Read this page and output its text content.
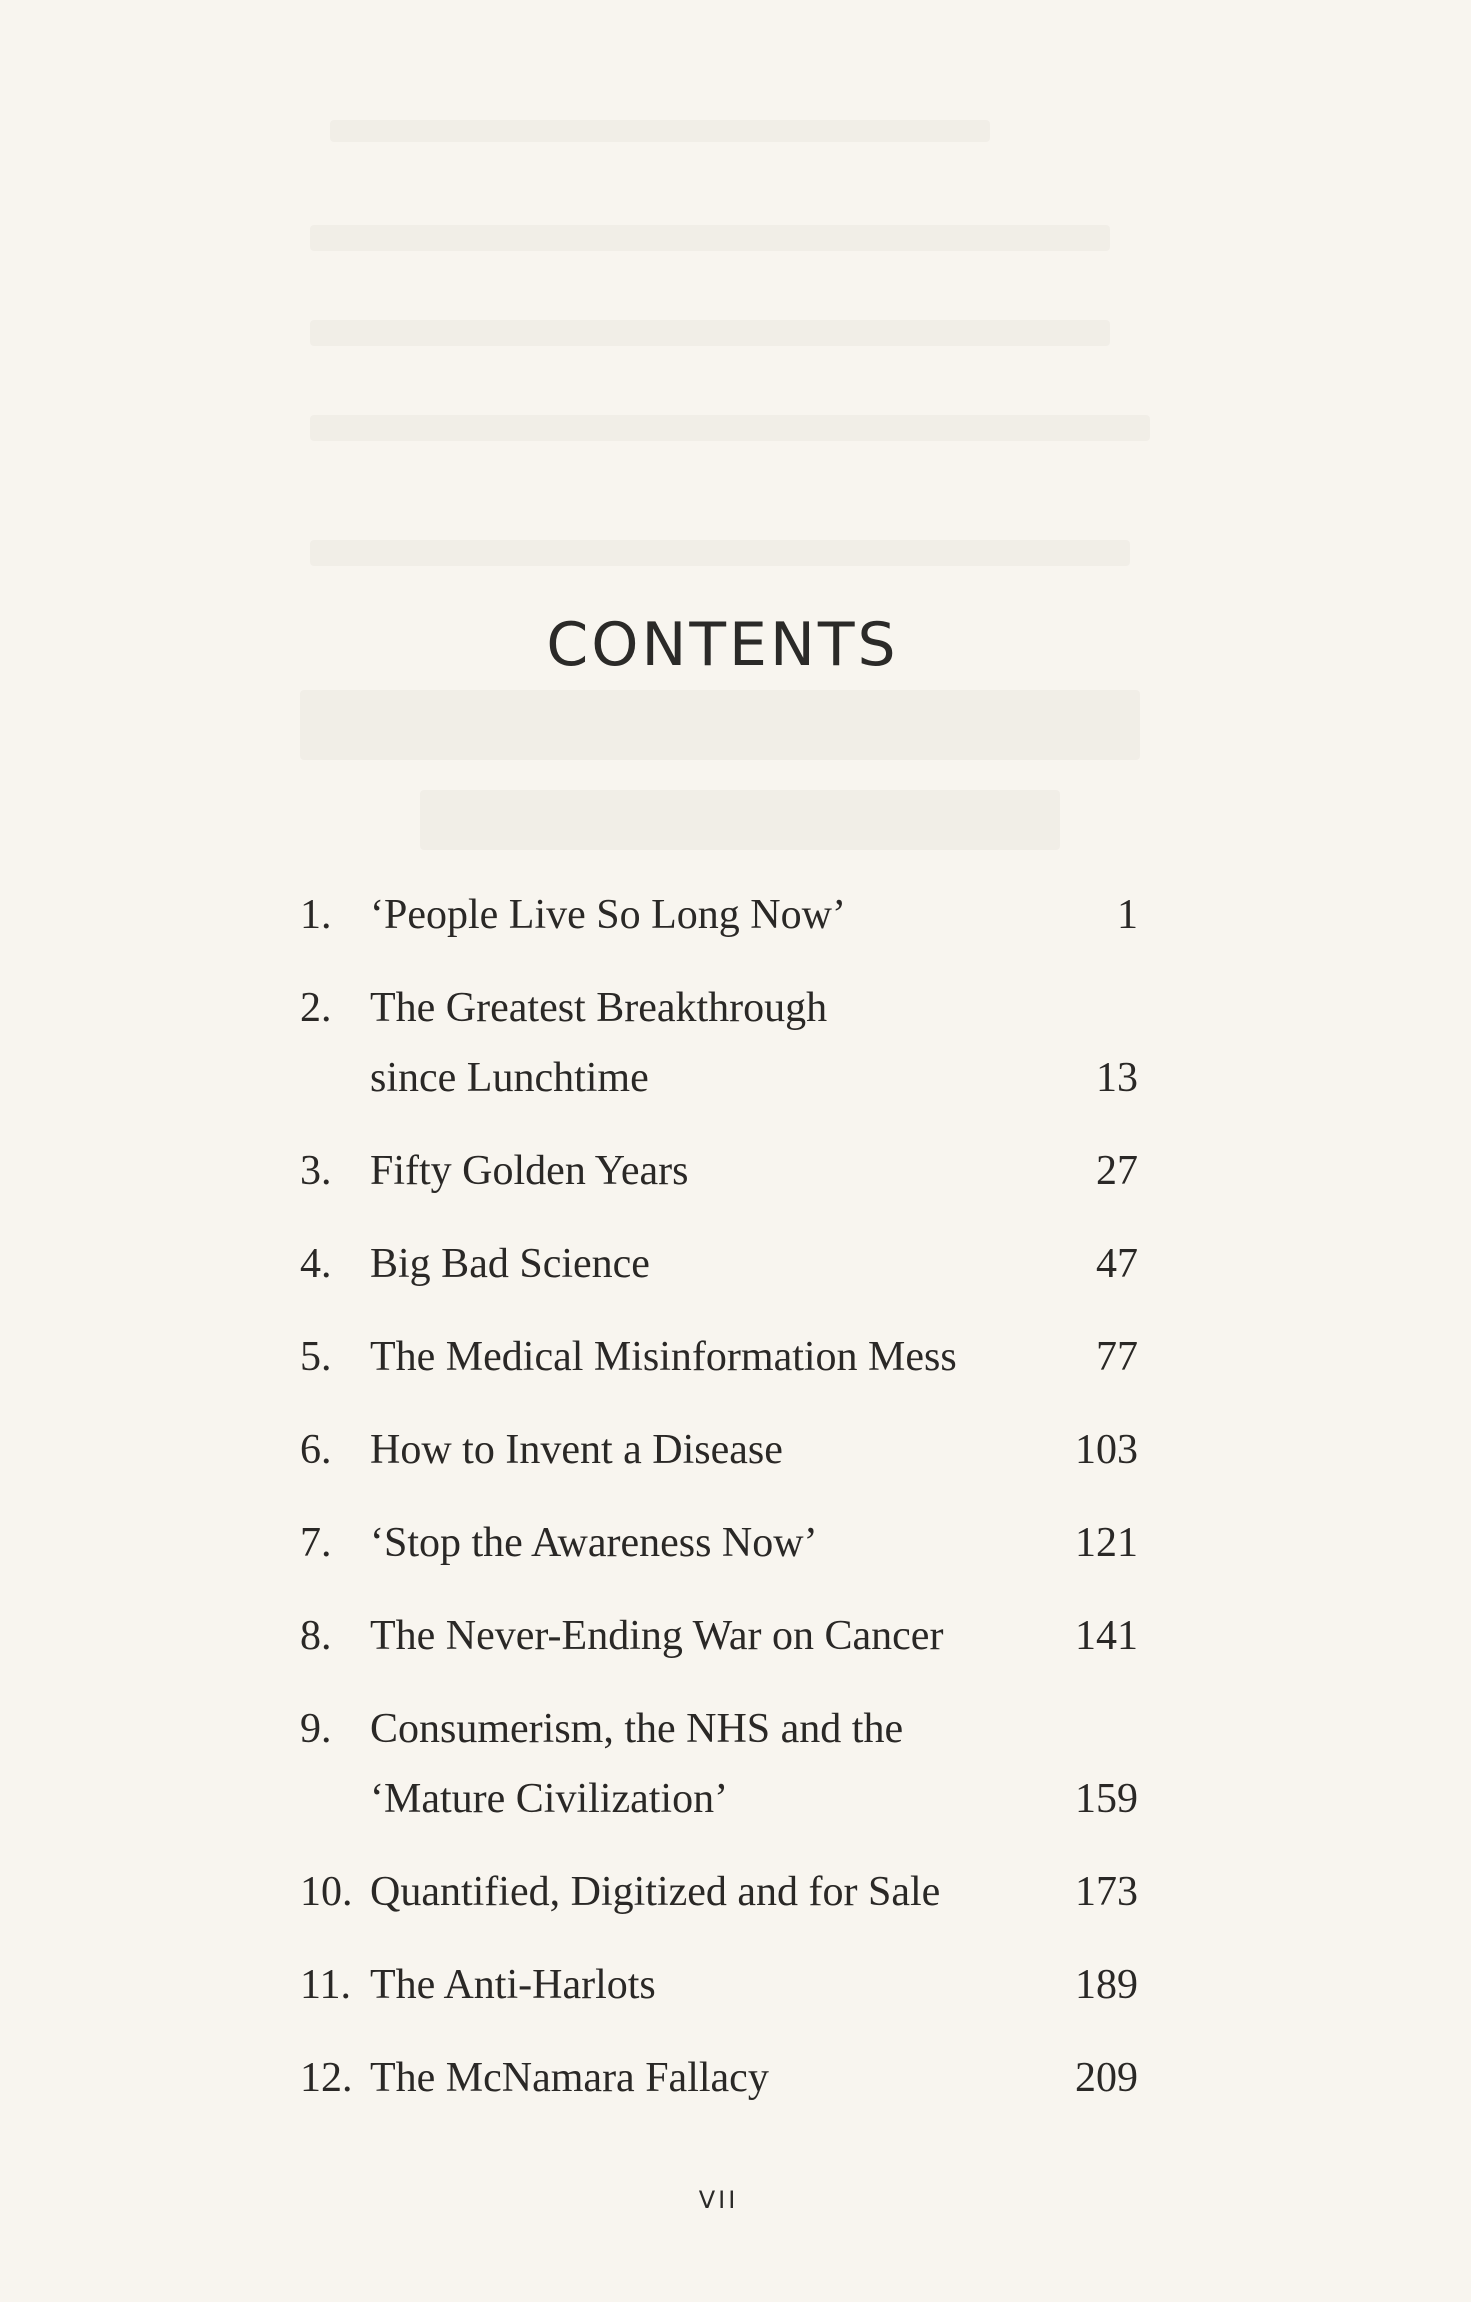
CONTENTS
1. ‘People Live So Long Now’	1
2. The Greatest Breakthrough
since Lunchtime	13
3. Fifty Golden Years	27
4. Big Bad Science	47
5. The Medical Misinformation Mess	77
6. How to Invent a Disease	103
7. ‘Stop the Awareness Now’	121
8. The Never-Ending War on Cancer	141
9. Consumerism, the NHS and the
‘Mature Civilization’	159
10. Quantified, Digitized and for Sale	173
11. The Anti-Harlots	189
12. The McNamara Fallacy	209
VII
